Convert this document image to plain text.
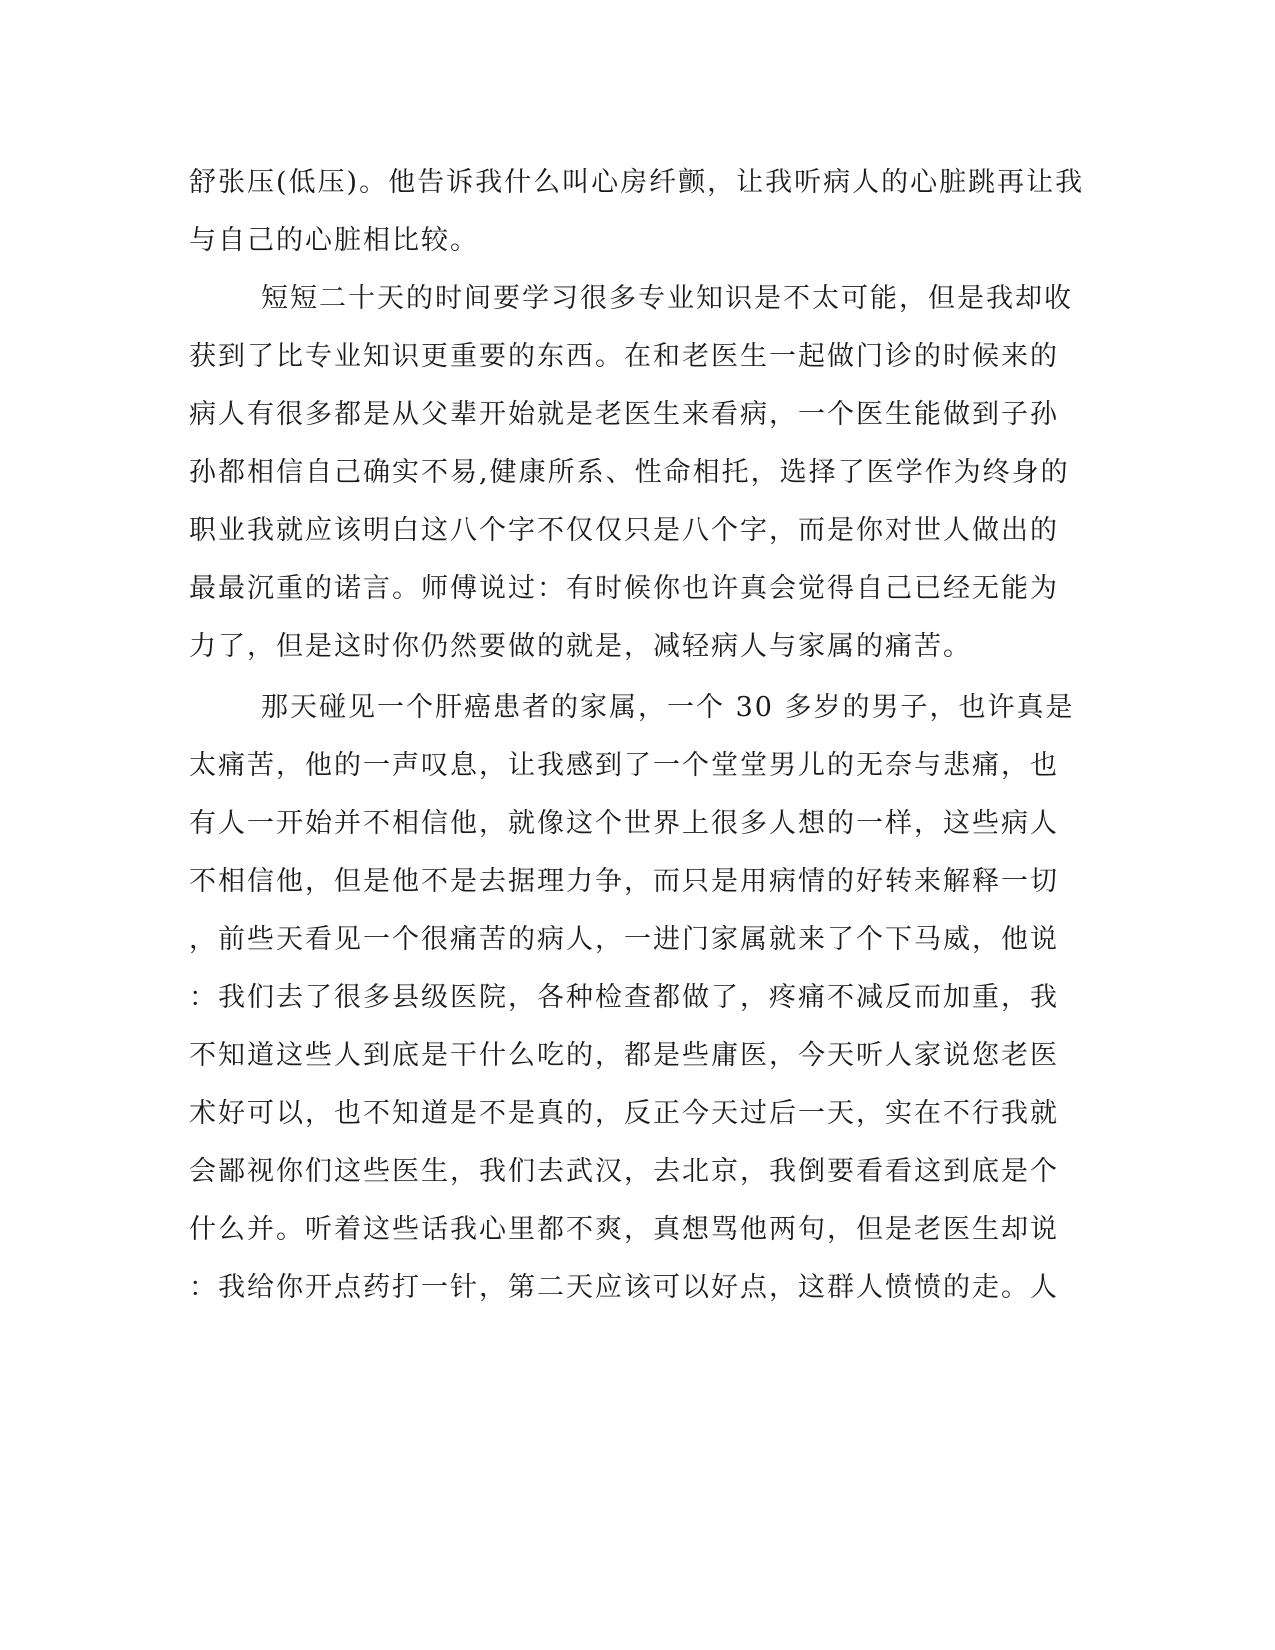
舒张压(低压)。他告诉我什么叫心房纤颤，让我听病人的心脏跳再让我
与自己的心脏相比较。
短短二十天的时间要学习很多专业知识是不太可能，但是我却收
获到了比专业知识更重要的东西。在和老医生一起做门诊的时候来的
病人有很多都是从父辈开始就是老医生来看病，一个医生能做到子孙
孙都相信自己确实不易,健康所系、性命相托，选择了医学作为终身的
职业我就应该明白这八个字不仅仅只是八个字，而是你对世人做出的
最最沉重的诺言。师傅说过：有时候你也许真会觉得自己已经无能为
力了，但是这时你仍然要做的就是，减轻病人与家属的痛苦。
那天碰见一个肝癌患者的家属，一个 30 多岁的男子，也许真是
太痛苦，他的一声叹息，让我感到了一个堂堂男儿的无奈与悲痛，也
有人一开始并不相信他，就像这个世界上很多人想的一样，这些病人
不相信他，但是他不是去据理力争，而只是用病情的好转来解释一切
，前些天看见一个很痛苦的病人，一进门家属就来了个下马威，他说
：我们去了很多县级医院，各种检查都做了，疼痛不减反而加重，我
不知道这些人到底是干什么吃的，都是些庸医，今天听人家说您老医
术好可以，也不知道是不是真的，反正今天过后一天，实在不行我就
会鄙视你们这些医生，我们去武汉，去北京，我倒要看看这到底是个
什么并。听着这些话我心里都不爽，真想骂他两句，但是老医生却说
：我给你开点药打一针，第二天应该可以好点，这群人愤愤的走。人
